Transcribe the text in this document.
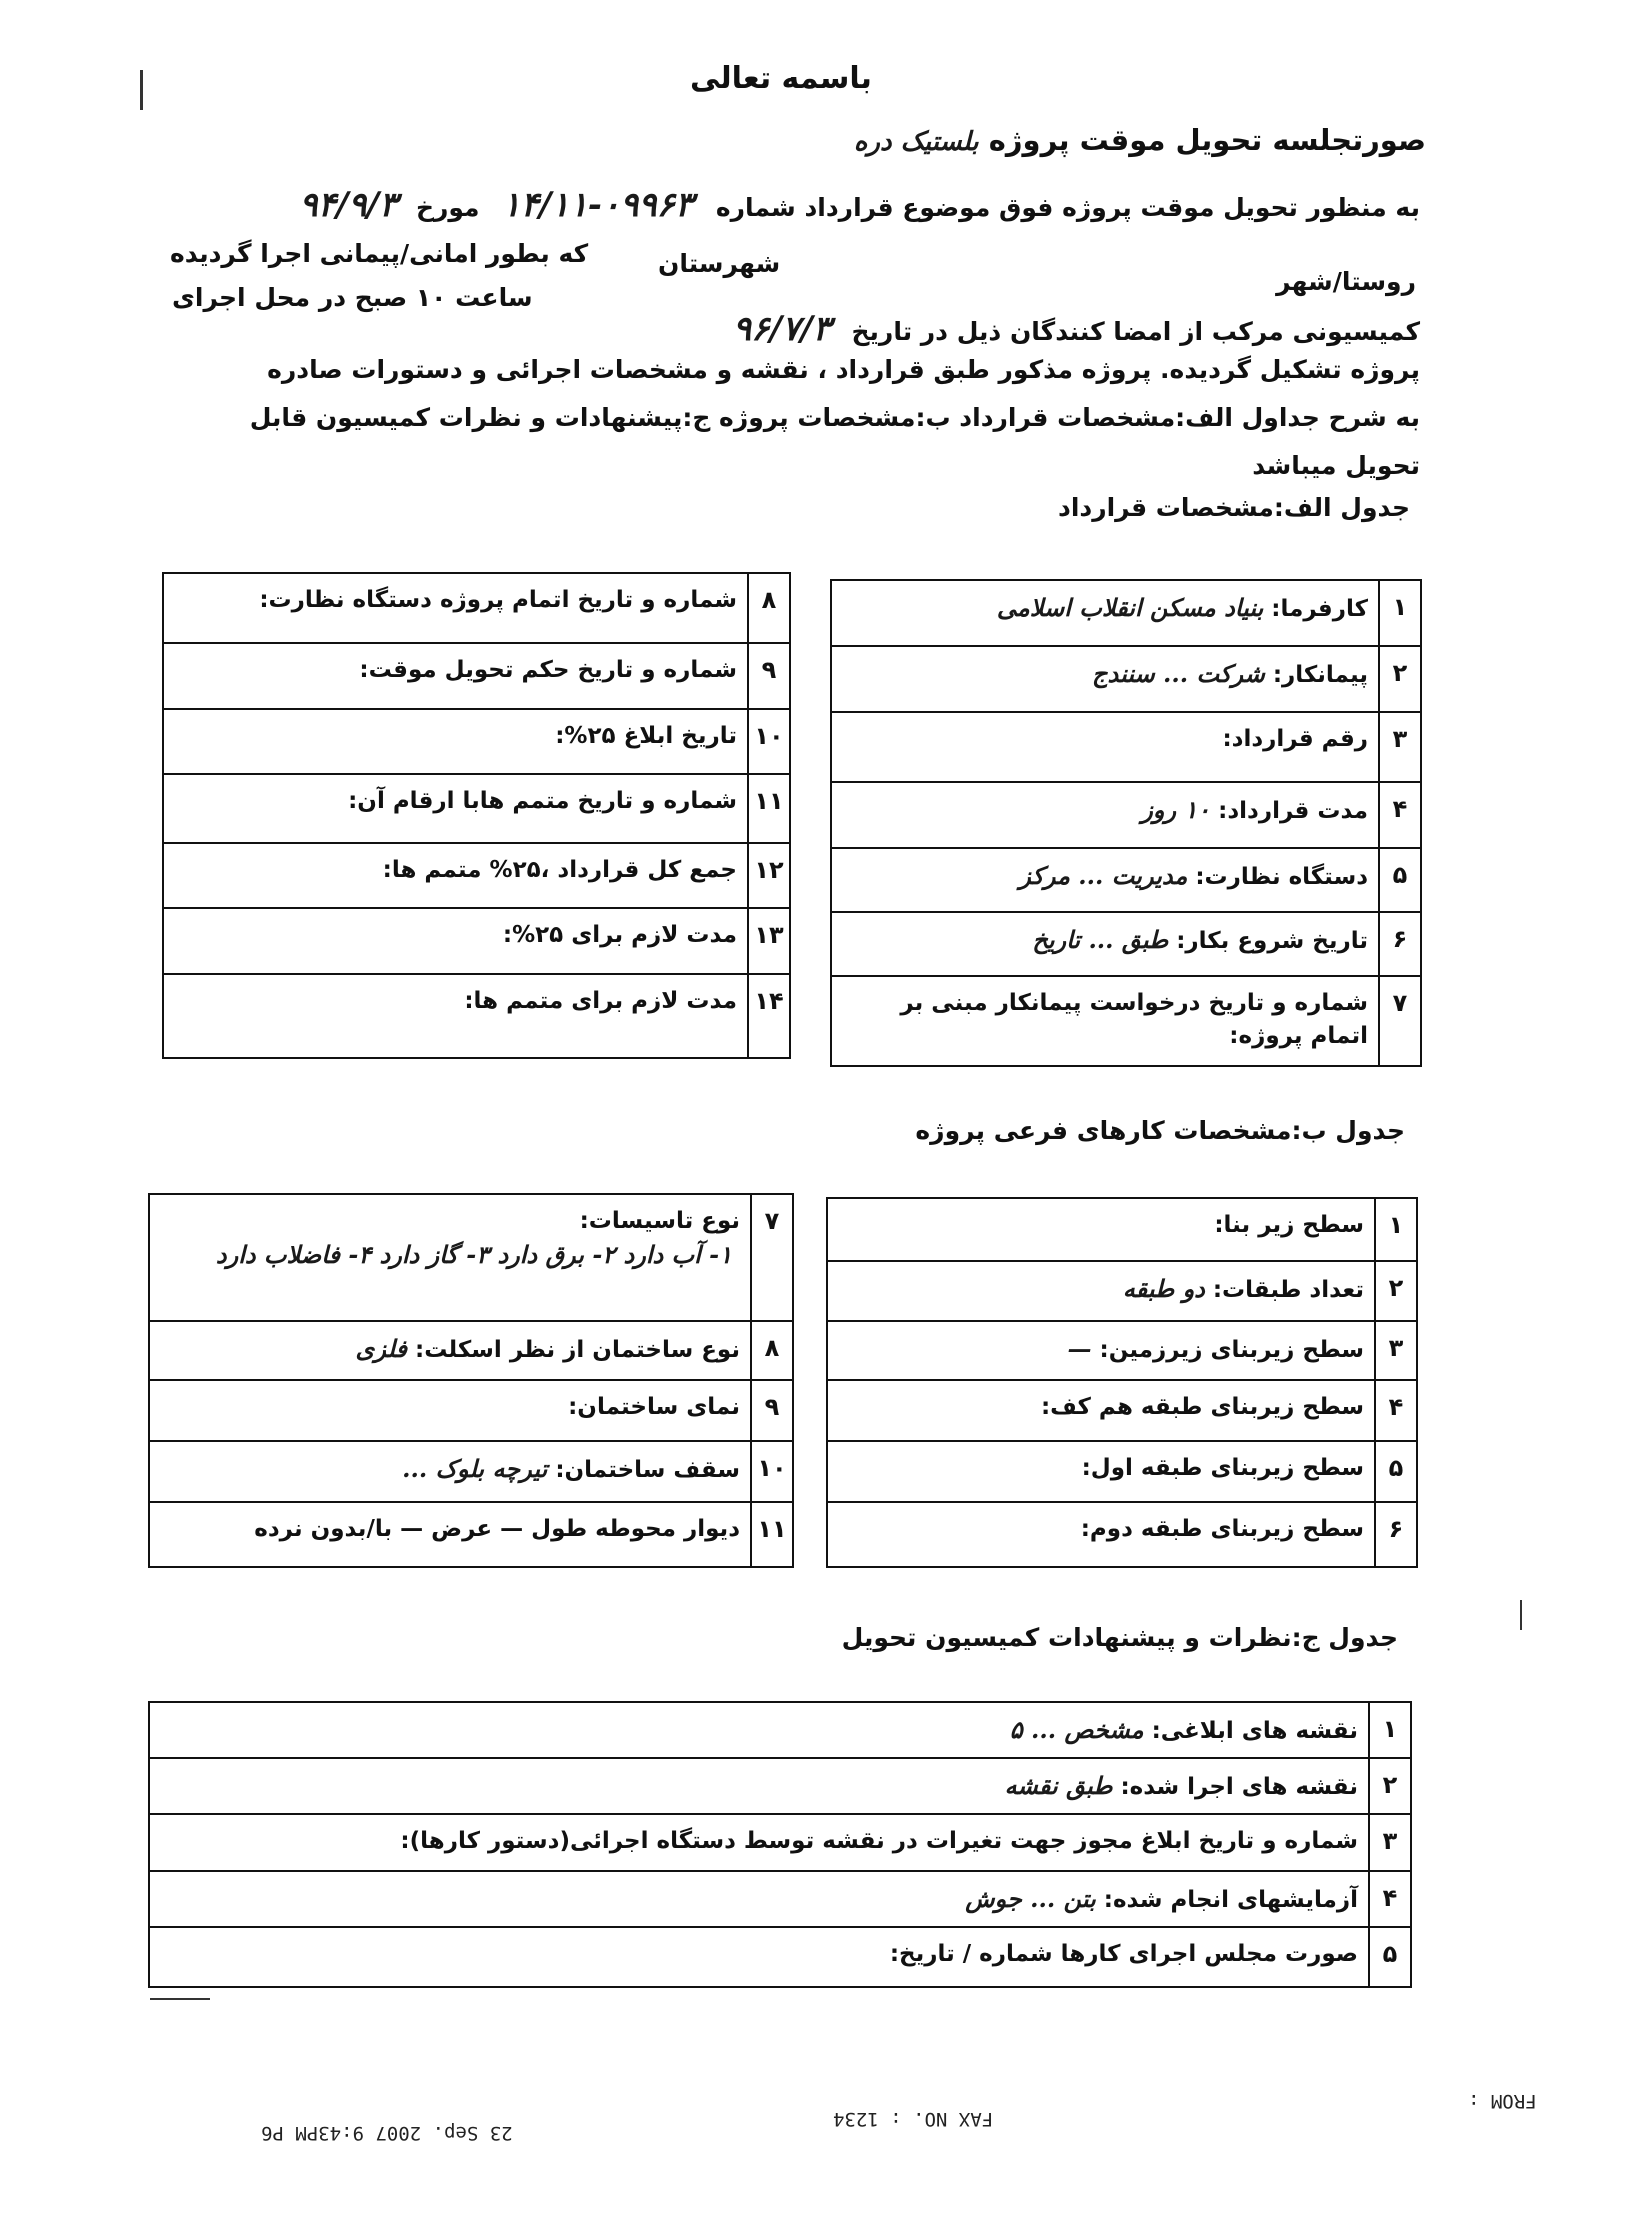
باسمه تعالی
صورتجلسه تحویل موقت پروژه بلستیک دره
به منظور تحویل موقت پروژه فوق موضوع قرارداد شماره ۰۹۹۶۳-۱۴/۱۱ مورخ ۹۴/۹/۳
که بطور امانی/پیمانی اجرا گردیده	شهرستان
روستا/شهر
ساعت ۱۰ صبح در محل اجرای
کمیسیونی مرکب از امضا کنندگان ذیل در تاریخ ۹۶/۷/۳
پروژه تشکیل گردیده. پروژه مذکور طبق قرارداد ، نقشه و مشخصات اجرائی و دستورات صادره
به شرح جداول الف:مشخصات قرارداد ب:مشخصات پروژه ج:پیشنهادات و نظرات کمیسیون قابل
تحویل میباشد
جدول الف:مشخصات قرارداد
جدول ب:مشخصات کارهای فرعی پروژه
جدول ج:نظرات و پیشنهادات کمیسیون تحویل
۱
کارفرما:بنیاد مسکن انقلاب اسلامی
۲
پیمانکار:شرکت ... سنندج
۳
رقم قرارداد:
۴
مدت قرارداد:۱۰ روز
۵
دستگاه نظارت:مدیریت ... مرکز
۶
تاریخ شروع بکار:طبق ... تاریخ
۷
شماره و تاریخ درخواست پیمانکار مبنی بر اتمام پروژه:
۸
شماره و تاریخ اتمام پروژه دستگاه نظارت:
۹
شماره و تاریخ حکم تحویل موقت:
۱۰
تاریخ ابلاغ ۲۵%:
۱۱
شماره و تاریخ متمم هابا ارقام آن:
۱۲
جمع کل قرارداد ،۲۵% متمم ها:
۱۳
مدت لازم برای ۲۵%:
۱۴
مدت لازم برای متمم ها:
۱
سطح زیر بنا:
۲
تعداد طبقات:دو طبقه
۳
سطح زیربنای زیرزمین:—
۴
سطح زیربنای طبقه هم کف:
۵
سطح زیربنای طبقه اول:
۶
سطح زیربنای طبقه دوم:
۷
نوع تاسیسات:
۱- آب دارد ۲- برق دارد ۳- گاز دارد ۴- فاضلاب دارد
۸
نوع ساختمان از نظر اسکلت:فلزی
۹
نمای ساختمان:
۱۰
سقف ساختمان:تیرچه بلوک ...
۱۱
دیوار محوطه طول — عرض — با/بدون نرده
۱
نقشه های ابلاغی:مشخص ... ۵
۲
نقشه های اجرا شده:طبق نقشه
۳
شماره و تاریخ ابلاغ مجوز جهت تغیرات در نقشه توسط دستگاه اجرائی(دستور کارها):
۴
آزمایشهای انجام شده:بتن ... جوش
۵
صورت مجلس اجرای کارها شماره / تاریخ:
FROM :
FAX NO. : 1234
23 Sep. 2007 9:43PM P6
